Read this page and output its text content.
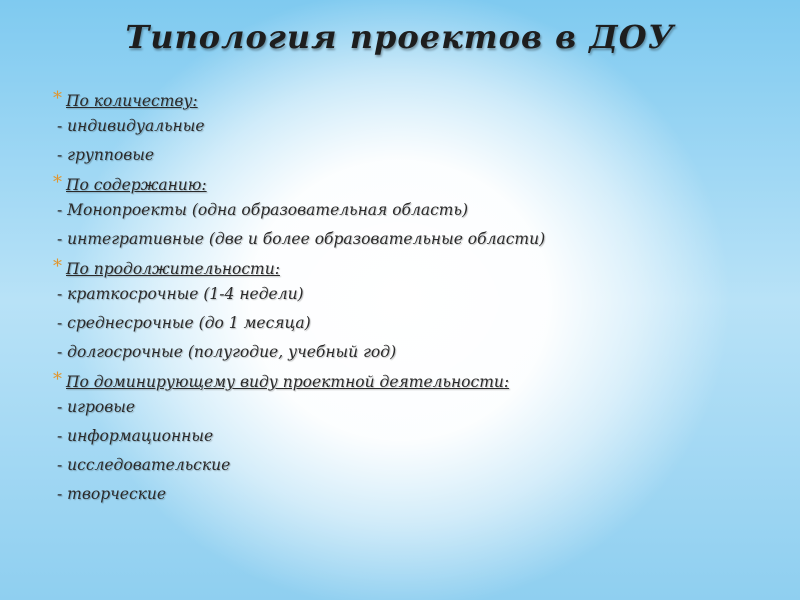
Типология проектов в ДОУ
* По количеству:
- индивидуальные
- групповые
* По содержанию:
- Монопроекты (одна образовательная область)
- интегративные (две и более образовательные области)
* По продолжительности:
- краткосрочные (1-4 недели)
- среднесрочные (до 1 месяца)
- долгосрочные (полугодие, учебный год)
* По доминирующему виду проектной деятельности:
- игровые
- информационные
- исследовательские
- творческие
